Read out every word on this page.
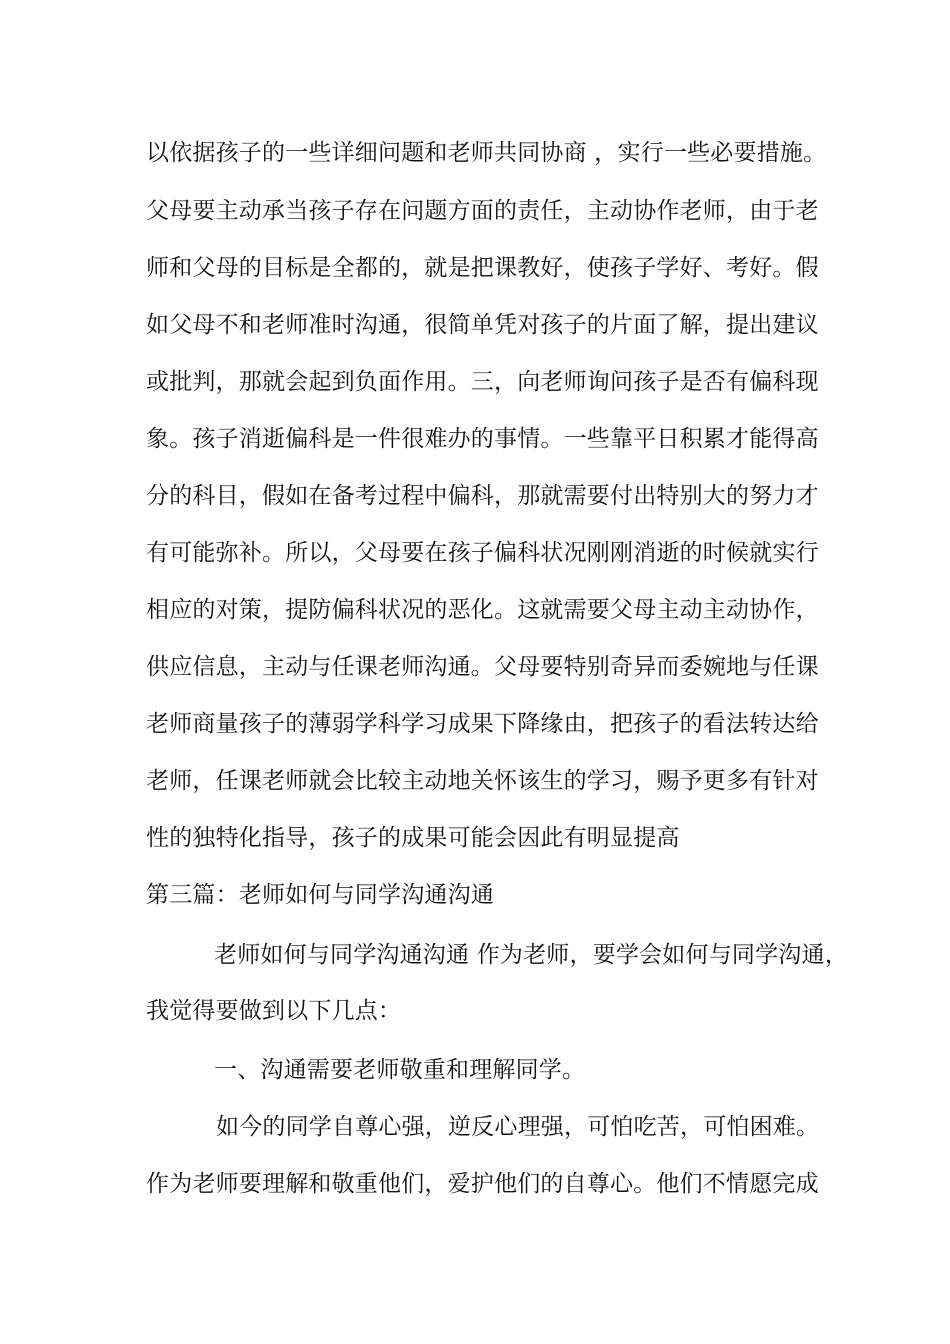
以依据孩子的一些详细问题和老师共同协商 ，实行一些必要措施。
父母要主动承当孩子存在问题方面的责任，主动协作老师，由于老
师和父母的目标是全都的，就是把课教好，使孩子学好、考好。假
如父母不和老师准时沟通，很简单凭对孩子的片面了解，提出建议
或批判，那就会起到负面作用。三，向老师询问孩子是否有偏科现
象。孩子消逝偏科是一件很难办的事情。一些靠平日积累才能得高
分的科目，假如在备考过程中偏科，那就需要付出特别大的努力才
有可能弥补。所以，父母要在孩子偏科状况刚刚消逝的时候就实行
相应的对策，提防偏科状况的恶化。这就需要父母主动主动协作，
供应信息，主动与任课老师沟通。父母要特别奇异而委婉地与任课
老师商量孩子的薄弱学科学习成果下降缘由，把孩子的看法转达给
老师，任课老师就会比较主动地关怀该生的学习，赐予更多有针对
性的独特化指导，孩子的成果可能会因此有明显提高
第三篇：老师如何与同学沟通沟通
老师如何与同学沟通沟通 作为老师，要学会如何与同学沟通，
我觉得要做到以下几点：
一、沟通需要老师敬重和理解同学。
如今的同学自尊心强，逆反心理强，可怕吃苦，可怕困难。
作为老师要理解和敬重他们，爱护他们的自尊心。他们不情愿完成
